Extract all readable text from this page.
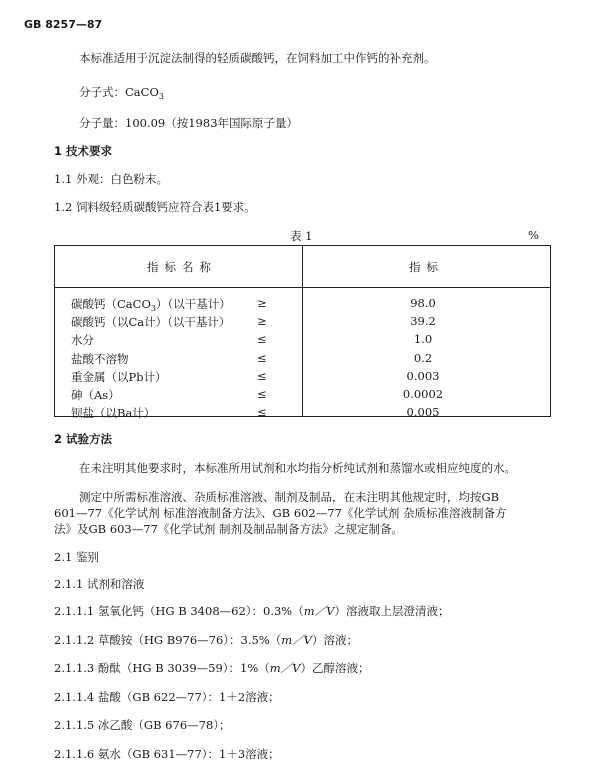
GB 8257—87
本标准适用于沉淀法制得的轻质碳酸钙，在饲料加工中作钙的补充剂。
分子式：CaCO$_3$
分子量：100.09（按1983年国际原子量）
1 技术要求
1.1 外观：白色粉末。
1.2 饲料级轻质碳酸钙应符合表1要求。
表 1	%
指标名称	指标
碳酸钙（CaCO$_3$）（以干基计） ≥	98.0
碳酸钙（以Ca计）（以干基计） ≥	39.2
水分	≤	1.0
盐酸不溶物	≤	0.2
重金属（以Pb计）	≤	0.003
砷（As）	≤	0.0002
钡盐（以Ba计）	≤	0.005
2 试验方法
在未注明其他要求时，本标准所用试剂和水均指分析纯试剂和蒸馏水或相应纯度的水。
测定中所需标准溶液、杂质标准溶液、制剂及制品，在未注明其他规定时，均按GB
601—77《化学试剂 标准溶液制备方法》、GB 602—77《化学试剂 杂质标准溶液制备方
法》及GB 603—77《化学试剂 制剂及制品制备方法》之规定制备。
2.1 鉴别
2.1.1 试剂和溶液
2.1.1.1 氢氧化钙（HG B 3408—62）：0.3%（m／V）溶液取上层澄清液；
2.1.1.2 草酸铵（HG B976—76）：3.5%（m／V）溶液；
2.1.1.3 酚酞（HG B 3039—59）：1%（m／V）乙醇溶液；
2.1.1.4 盐酸（GB 622—77）：1＋2溶液；
2.1.1.5 冰乙酸（GB 676—78）；
2.1.1.6 氨水（GB 631—77）：1＋3溶液；
